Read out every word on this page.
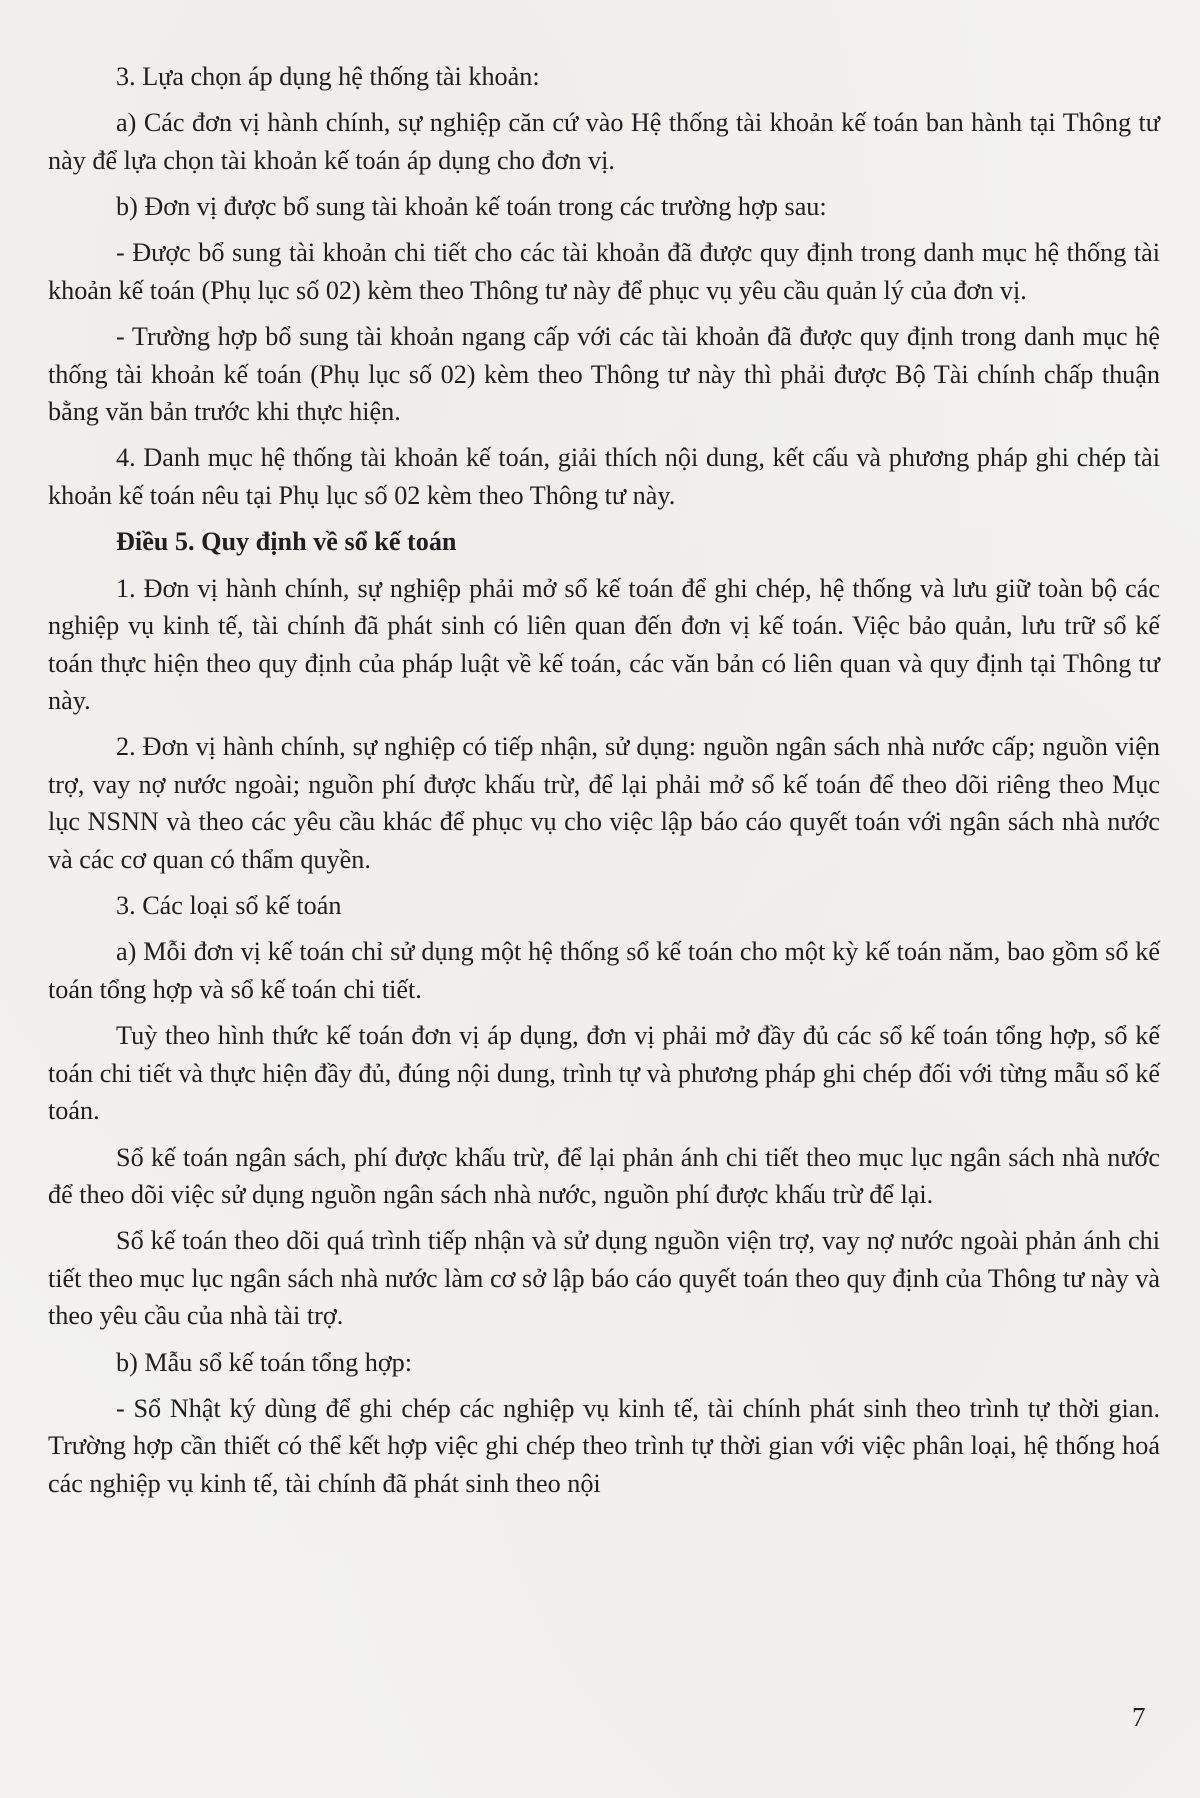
3. Lựa chọn áp dụng hệ thống tài khoản:

a) Các đơn vị hành chính, sự nghiệp căn cứ vào Hệ thống tài khoản kế toán ban hành tại Thông tư này để lựa chọn tài khoản kế toán áp dụng cho đơn vị.

b) Đơn vị được bổ sung tài khoản kế toán trong các trường hợp sau:

- Được bổ sung tài khoản chi tiết cho các tài khoản đã được quy định trong danh mục hệ thống tài khoản kế toán (Phụ lục số 02) kèm theo Thông tư này để phục vụ yêu cầu quản lý của đơn vị.

- Trường hợp bổ sung tài khoản ngang cấp với các tài khoản đã được quy định trong danh mục hệ thống tài khoản kế toán (Phụ lục số 02) kèm theo Thông tư này thì phải được Bộ Tài chính chấp thuận bằng văn bản trước khi thực hiện.

4. Danh mục hệ thống tài khoản kế toán, giải thích nội dung, kết cấu và phương pháp ghi chép tài khoản kế toán nêu tại Phụ lục số 02 kèm theo Thông tư này.

Điều 5. Quy định về sổ kế toán

1. Đơn vị hành chính, sự nghiệp phải mở sổ kế toán để ghi chép, hệ thống và lưu giữ toàn bộ các nghiệp vụ kinh tế, tài chính đã phát sinh có liên quan đến đơn vị kế toán. Việc bảo quản, lưu trữ sổ kế toán thực hiện theo quy định của pháp luật về kế toán, các văn bản có liên quan và quy định tại Thông tư này.

2. Đơn vị hành chính, sự nghiệp có tiếp nhận, sử dụng: nguồn ngân sách nhà nước cấp; nguồn viện trợ, vay nợ nước ngoài; nguồn phí được khấu trừ, để lại phải mở sổ kế toán để theo dõi riêng theo Mục lục NSNN và theo các yêu cầu khác để phục vụ cho việc lập báo cáo quyết toán với ngân sách nhà nước và các cơ quan có thẩm quyền.

3. Các loại sổ kế toán

a) Mỗi đơn vị kế toán chỉ sử dụng một hệ thống sổ kế toán cho một kỳ kế toán năm, bao gồm sổ kế toán tổng hợp và sổ kế toán chi tiết.

Tuỳ theo hình thức kế toán đơn vị áp dụng, đơn vị phải mở đầy đủ các sổ kế toán tổng hợp, sổ kế toán chi tiết và thực hiện đầy đủ, đúng nội dung, trình tự và phương pháp ghi chép đối với từng mẫu sổ kế toán.

Sổ kế toán ngân sách, phí được khấu trừ, để lại phản ánh chi tiết theo mục lục ngân sách nhà nước để theo dõi việc sử dụng nguồn ngân sách nhà nước, nguồn phí được khấu trừ để lại.

Sổ kế toán theo dõi quá trình tiếp nhận và sử dụng nguồn viện trợ, vay nợ nước ngoài phản ánh chi tiết theo mục lục ngân sách nhà nước làm cơ sở lập báo cáo quyết toán theo quy định của Thông tư này và theo yêu cầu của nhà tài trợ.

b) Mẫu sổ kế toán tổng hợp:

- Sổ Nhật ký dùng để ghi chép các nghiệp vụ kinh tế, tài chính phát sinh theo trình tự thời gian. Trường hợp cần thiết có thể kết hợp việc ghi chép theo trình tự thời gian với việc phân loại, hệ thống hoá các nghiệp vụ kinh tế, tài chính đã phát sinh theo nội

7
